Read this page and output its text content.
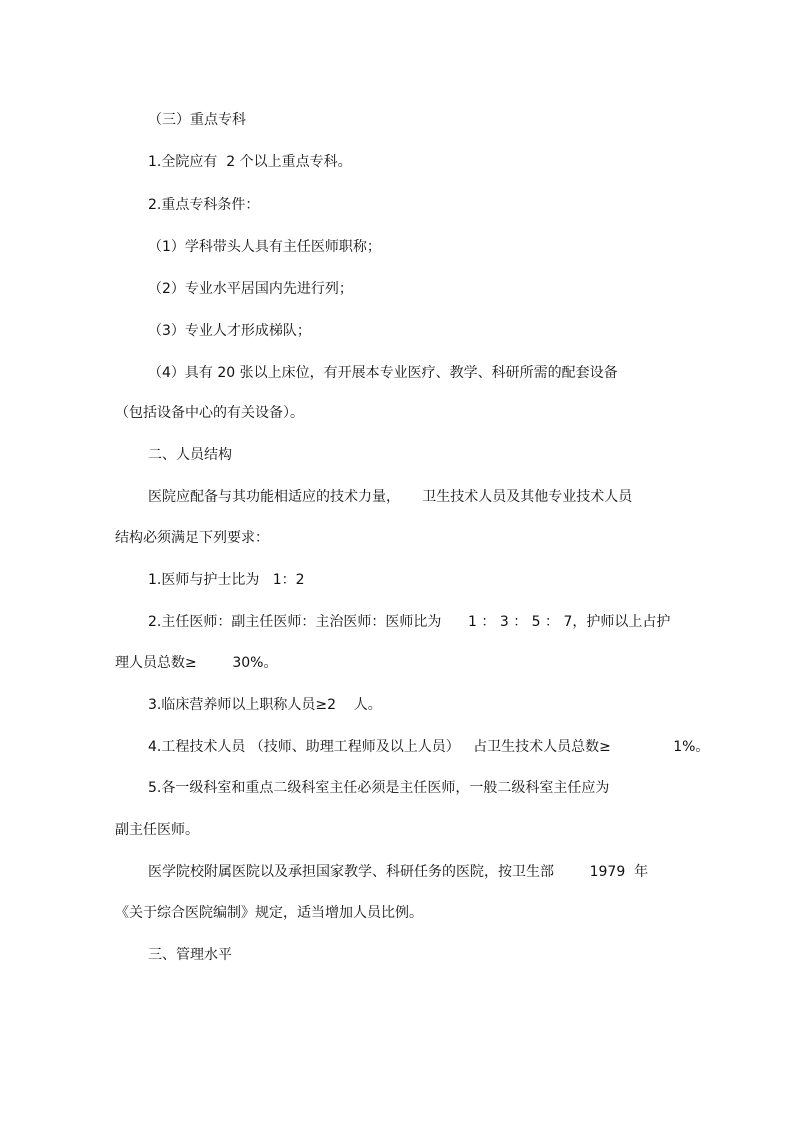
（三）重点专科

1.全院应有  2 个以上重点专科。

2.重点专科条件：

（1）学科带头人具有主任医师职称；

（2）专业水平居国内先进行列；

（3）专业人才形成梯队；

（4）具有 20 张以上床位，有开展本专业医疗、教学、科研所需的配套设备

（包括设备中心的有关设备）。

二、人员结构

医院应配备与其功能相适应的技术力量，     卫生技术人员及其他专业技术人员

结构必须满足下列要求：

1.医师与护士比为   1：2

2.主任医师：副主任医师：主治医师：医师比为      1 ： 3 ： 5 ： 7，护师以上占护

理人员总数≥        30%。

3.临床营养师以上职称人员≥2    人。

4.工程技术人员 （技师、助理工程师及以上人员）   占卫生技术人员总数≥              1%。

5.各一级科室和重点二级科室主任必须是主任医师，一般二级科室主任应为

副主任医师。

医学院校附属医院以及承担国家教学、科研任务的医院，按卫生部        1979  年

《关于综合医院编制》规定，适当增加人员比例。

三、管理水平
